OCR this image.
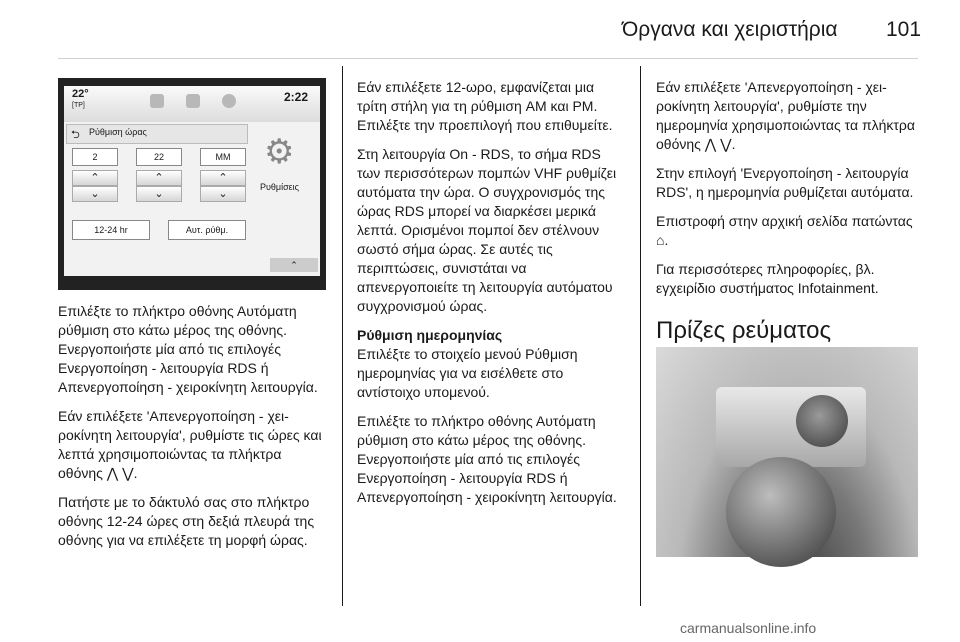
Όργανα και χειριστήρια 101
22°
[TP]
2:22
⮌ Ρύθμιση ώρας
2	22	MM
⌃
⌄
⌃
⌄
⌃
⌄
12-24 hr	Αυτ. ρύθμ.
⚙
Ρυθμίσεις
⌃

Επιλέξτε το πλήκτρο οθόνης Αυτόματη ρύθμιση στο κάτω μέρος της οθόνης. Ενεργοποιήστε μία από τις επιλογές Ενεργοποίηση - λειτουργία RDS ή Απενεργοποίηση - χειροκίνητη λειτουργία.

Εάν επιλέξετε 'Απενεργοποίηση - χειροκίνητη λειτουργία', ρυθμίστε τις ώρες και λεπτά χρησιμοποιώντας τα πλήκτρα οθόνης ⋀ ⋁.

Πατήστε με το δάκτυλό σας στο πλήκτρο οθόνης 12-24 ώρες στη δεξιά πλευρά της οθόνης για να επιλέξετε τη μορφή ώρας.

Εάν επιλέξετε 12-ωρο, εμφανίζεται μια τρίτη στήλη για τη ρύθμιση AM και PM. Επιλέξτε την προεπιλογή που επιθυμείτε.

Στη λειτουργία On - RDS, το σήμα RDS των περισσότερων πομπών VHF ρυθμίζει αυτόματα την ώρα. Ο συγχρονισμός της ώρας RDS μπορεί να διαρκέσει μερικά λεπτά. Ορισμένοι πομποί δεν στέλνουν σωστό σήμα ώρας. Σε αυτές τις περιπτώσεις, συνιστάται να απενεργοποιείτε τη λειτουργία αυτόματου συγχρονισμού ώρας.

Ρύθμιση ημερομηνίας

Επιλέξτε το στοιχείο μενού Ρύθμιση ημερομηνίας για να εισέλθετε στο αντίστοιχο υπομενού.

Επιλέξτε το πλήκτρο οθόνης Αυτόματη ρύθμιση στο κάτω μέρος της οθόνης. Ενεργοποιήστε μία από τις επιλογές Ενεργοποίηση - λειτουργία RDS ή Απενεργοποίηση - χειροκίνητη λειτουργία.

Εάν επιλέξετε 'Απενεργοποίηση - χειροκίνητη λειτουργία', ρυθμίστε την ημερομηνία χρησιμοποιώντας τα πλήκτρα οθόνης ⋀ ⋁.

Στην επιλογή 'Ενεργοποίηση - λειτουργία RDS', η ημερομηνία ρυθμίζεται αυτόματα.

Επιστροφή στην αρχική σελίδα πατώντας ⌂.

Για περισσότερες πληροφορίες, βλ. εγχειρίδιο συστήματος Infotainment.

Πρίζες ρεύματος
carmanualsonline.info
